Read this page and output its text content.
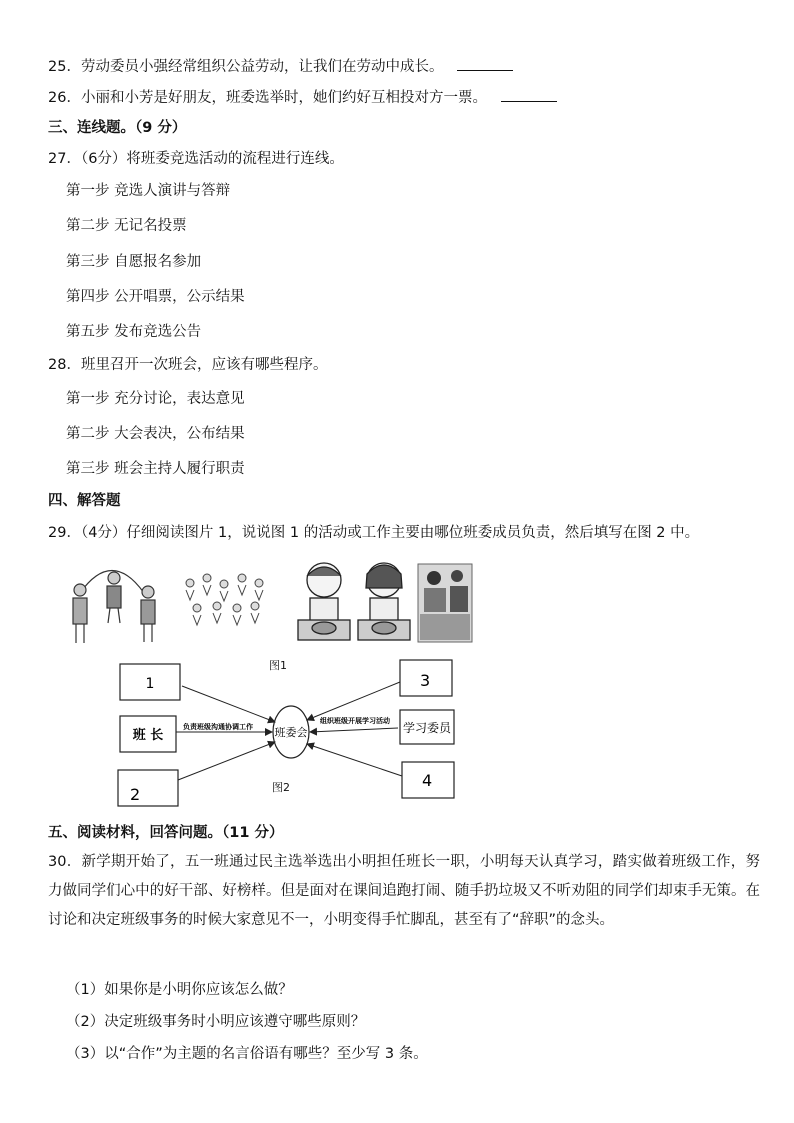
25．劳动委员小强经常组织公益劳动，让我们在劳动中成长。
26．小丽和小芳是好朋友，班委选举时，她们约好互相投对方一票。
三、连线题。（9 分）
27．（6分）将班委竞选活动的流程进行连线。
第一步 竞选人演讲与答辩
第二步 无记名投票
第三步 自愿报名参加
第四步 公开唱票，公示结果
第五步 发布竞选公告
28．班里召开一次班会，应该有哪些程序。
第一步 充分讨论，表达意见
第二步 大会表决，公布结果
第三步 班会主持人履行职责
四、解答题
29．（4分）仔细阅读图片 1，说说图 1 的活动或工作主要由哪位班委成员负责，然后填写在图 2 中。
图1
1
班 长
2
3
学习委员
4
班委会
负责班级沟通协调工作
组织班级开展学习活动
图2
五、阅读材料，回答问题。（11 分）
30．新学期开始了，五一班通过民主选举选出小明担任班长一职，小明每天认真学习，踏实做着班级工作，努力做同学们心中的好干部、好榜样。但是面对在课间追跑打闹、随手扔垃圾又不听劝阻的同学们却束手无策。在讨论和决定班级事务的时候大家意见不一，小明变得手忙脚乱，甚至有了“辞职”的念头。
（1）如果你是小明你应该怎么做？
（2）决定班级事务时小明应该遵守哪些原则？
（3）以“合作”为主题的名言俗语有哪些？至少写 3 条。
